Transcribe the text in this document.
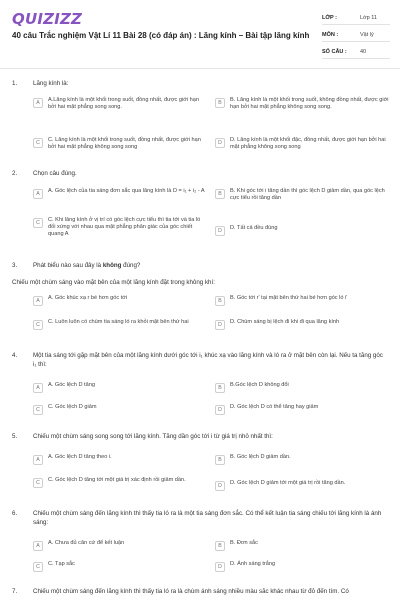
QUIZIZZ
40 câu Trắc nghiệm Vật Lí 11 Bài 28 (có đáp án) : Lăng kính – Bài tập lăng kính
LỚP :	Lớp 11
MÔN :	Vật lý
SỐ CÂU :	40
1.	Lăng kính là:
A	A.Lăng kính là một khối trong suốt, đồng nhất, được giới hạn bởi hai mặt phẳng song song.
B	B. Lăng kính là một khối trong suốt, không đồng nhất, được giới hạn bởi hai mặt phẳng không song song.
C	C. Lăng kính là một khối trong suốt, đồng nhất, được giới hạn bởi hai mặt phẳng không song song
D	D. Lăng kính là một khối đặc, đồng nhất, được giới hạn bởi hai mặt phẳng không song song
2.	Chọn câu đúng.
A	A. Góc lệch của tia sáng đơn sắc qua lăng kính là D = i₁ + i₂ - A	B	B. Khi góc tới i tăng dần thì góc lệch D giảm dần, qua góc lệch cực tiểu rồi tăng dần
C	C. Khi lăng kính ở vị trí có góc lệch cực tiểu thì tia tới và tia ló đối xứng với nhau qua mặt phẳng phân giác của góc chiết quang A
D	D. Tất cả đều đúng
3.	Phát biểu nào sau đây là không đúng?
Chiếu một chùm sáng vào mặt bên của một lăng kính đặt trong không khí:
A	A. Góc khúc xạ r bé hơn góc tới	B	B. Góc tới r' tại mặt bên thứ hai bé hơn góc ló i'
C	C. Luôn luôn có chùm tia sáng ló ra khỏi mặt bên thứ hai	D	D. Chùm sáng bị lệch đi khi đi qua lăng kính
4.	Một tia sáng tới gặp mặt bên của một lăng kính dưới góc tới i₁ khúc xạ vào lăng kính và ló ra ở mặt bên còn lại. Nếu ta tăng góc i₁ thì:
A	A. Góc lệch D tăng	B	B.Góc lệch D không đổi
C	C. Góc lệch D giảm	D	D. Góc lệch D có thể tăng hay giảm
5.	Chiếu một chùm sáng song song tới lăng kính. Tăng dần góc tới i từ giá trị nhỏ nhất thì:
A	A. Góc lệch D tăng theo i.	B	B. Góc lệch D giảm dần.
C	C. Góc lệch D tăng tới một giá trị xác định rồi giảm dần.
D	D. Góc lệch D giảm tới một giá trị rồi tăng dần.
6.	Chiếu một chùm sáng đến lăng kính thì thấy tia ló ra là một tia sáng đơn sắc. Có thể kết luận tia sáng chiếu tới lăng kính là ánh sáng:
A	A. Chưa đủ căn cứ để kết luận	B	B. Đơn sắc
C	C. Tạp sắc	D	D. Ánh sáng trắng
7.	Chiếu một chùm sáng đến lăng kính thì thấy tia ló ra là chùm ánh sáng nhiều màu sắc khác nhau từ đỏ đến tím. Có
